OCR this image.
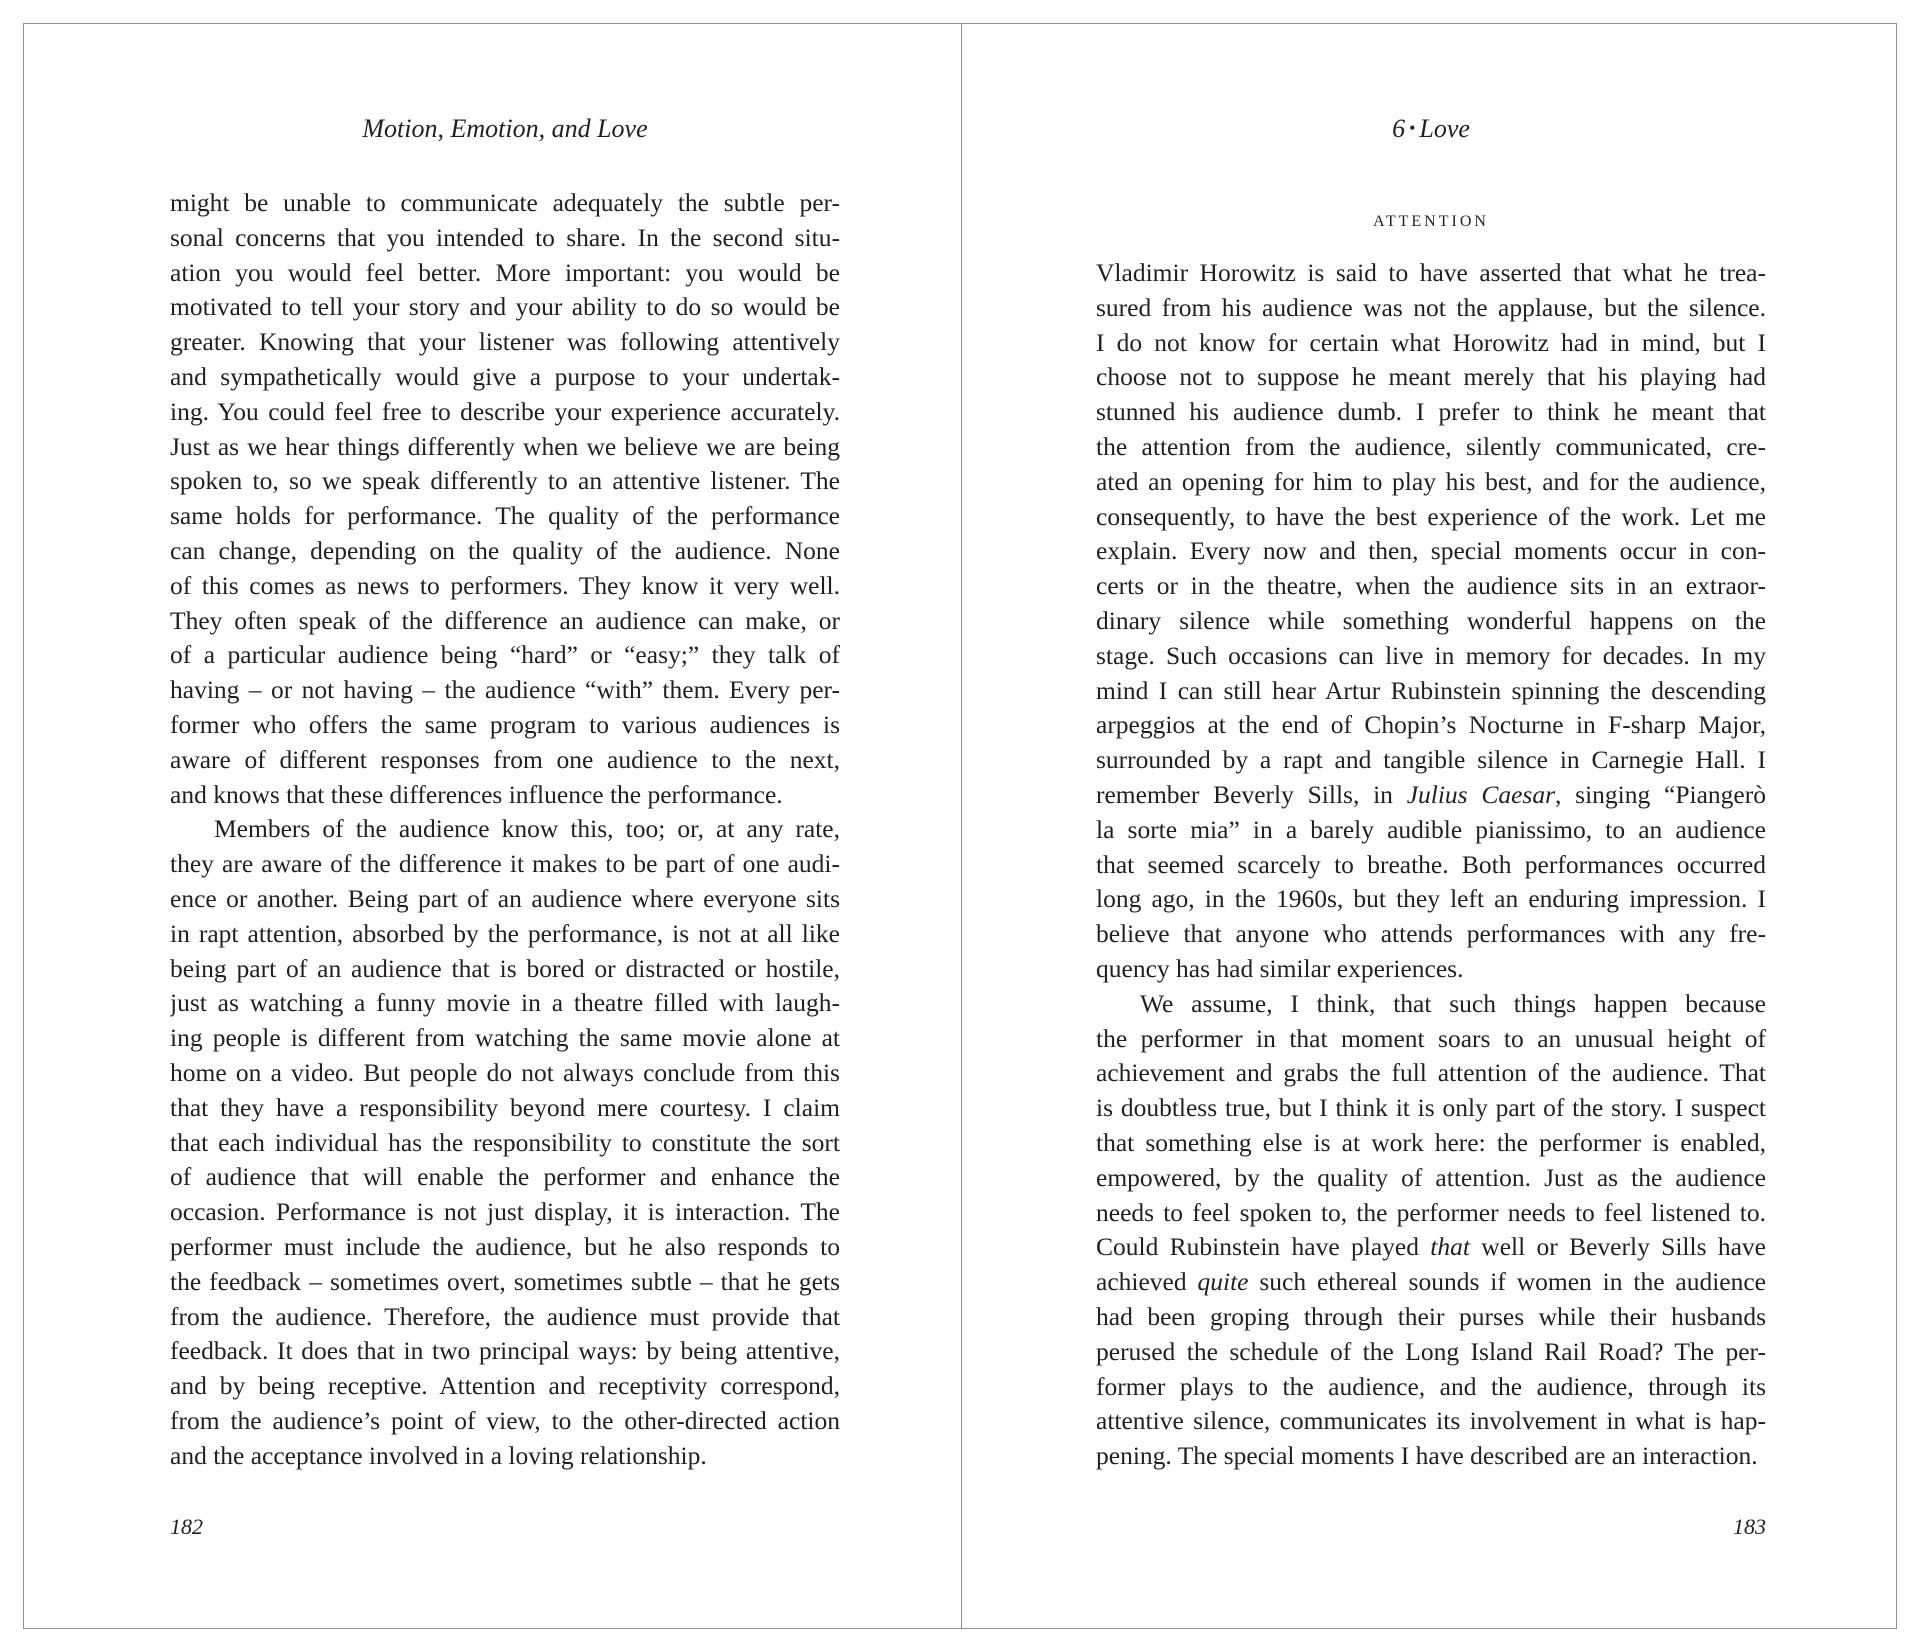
Motion, Emotion, and Love
might be unable to communicate adequately the subtle per-
sonal concerns that you intended to share. In the second situ-
ation you would feel better. More important: you would be
motivated to tell your story and your ability to do so would be
greater. Knowing that your listener was following attentively
and sympathetically would give a purpose to your undertak-
ing. You could feel free to describe your experience accurately.
Just as we hear things differently when we believe we are being
spoken to, so we speak differently to an attentive listener. The
same holds for performance. The quality of the performance
can change, depending on the quality of the audience. None
of this comes as news to performers. They know it very well.
They often speak of the difference an audience can make, or
of a particular audience being “hard” or “easy;” they talk of
having – or not having – the audience “with” them. Every per-
former who offers the same program to various audiences is
aware of different responses from one audience to the next,
and knows that these differences influence the performance.
Members of the audience know this, too; or, at any rate,
they are aware of the difference it makes to be part of one audi-
ence or another. Being part of an audience where everyone sits
in rapt attention, absorbed by the performance, is not at all like
being part of an audience that is bored or distracted or hostile,
just as watching a funny movie in a theatre filled with laugh-
ing people is different from watching the same movie alone at
home on a video. But people do not always conclude from this
that they have a responsibility beyond mere courtesy. I claim
that each individual has the responsibility to constitute the sort
of audience that will enable the performer and enhance the
occasion. Performance is not just display, it is interaction. The
performer must include the audience, but he also responds to
the feedback – sometimes overt, sometimes subtle – that he gets
from the audience. Therefore, the audience must provide that
feedback. It does that in two principal ways: by being attentive,
and by being receptive. Attention and receptivity correspond,
from the audience’s point of view, to the other-directed action
and the acceptance involved in a loving relationship.
182
6 • Love
ATTENTION
Vladimir Horowitz is said to have asserted that what he trea-
sured from his audience was not the applause, but the silence.
I do not know for certain what Horowitz had in mind, but I
choose not to suppose he meant merely that his playing had
stunned his audience dumb. I prefer to think he meant that
the attention from the audience, silently communicated, cre-
ated an opening for him to play his best, and for the audience,
consequently, to have the best experience of the work. Let me
explain. Every now and then, special moments occur in con-
certs or in the theatre, when the audience sits in an extraor-
dinary silence while something wonderful happens on the
stage. Such occasions can live in memory for decades. In my
mind I can still hear Artur Rubinstein spinning the descending
arpeggios at the end of Chopin’s Nocturne in F-sharp Major,
surrounded by a rapt and tangible silence in Carnegie Hall. I
remember Beverly Sills, in Julius Caesar, singing “Piangerò
la sorte mia” in a barely audible pianissimo, to an audience
that seemed scarcely to breathe. Both performances occurred
long ago, in the 1960s, but they left an enduring impression. I
believe that anyone who attends performances with any fre-
quency has had similar experiences.
We assume, I think, that such things happen because
the performer in that moment soars to an unusual height of
achievement and grabs the full attention of the audience. That
is doubtless true, but I think it is only part of the story. I suspect
that something else is at work here: the performer is enabled,
empowered, by the quality of attention. Just as the audience
needs to feel spoken to, the performer needs to feel listened to.
Could Rubinstein have played that well or Beverly Sills have
achieved quite such ethereal sounds if women in the audience
had been groping through their purses while their husbands
perused the schedule of the Long Island Rail Road? The per-
former plays to the audience, and the audience, through its
attentive silence, communicates its involvement in what is hap-
pening. The special moments I have described are an interaction.
183
